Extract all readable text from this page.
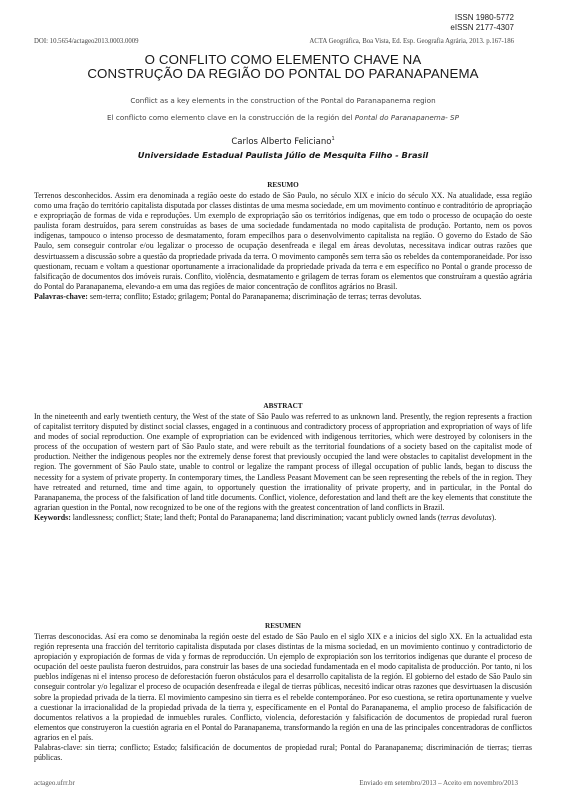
ISSN 1980-5772
eISSN 2177-4307
DOI: 10.5654/actageo2013.0003.0009	ACTA Geográfica, Boa Vista, Ed. Esp. Geografia Agrária, 2013. p.167-186
O CONFLITO COMO ELEMENTO CHAVE NA
CONSTRUÇÃO DA REGIÃO DO PONTAL DO PARANAPANEMA
Conflict as a key elements in the construction of the Pontal do Paranapanema region
El conflicto como elemento clave en la construcción de la región del Pontal do Paranapanema- SP
Carlos Alberto Feliciano$^1$
Universidade Estadual Paulista Júlio de Mesquita Filho - Brasil
RESUMO

Terrenos desconhecidos. Assim era denominada a região oeste do estado de São Paulo, no século XIX e início do século XX. Na atualidade, essa região como uma fração do território capitalista disputada por classes distintas de uma mesma sociedade, em um movimento contínuo e contraditório de apropriação e expropriação de formas de vida e reproduções. Um exemplo de expropriação são os territórios indígenas, que em todo o processo de ocupação do oeste paulista foram destruídos, para serem construídas as bases de uma sociedade fundamentada no modo capitalista de produção. Portanto, nem os povos indígenas, tampouco o intenso processo de desmatamento, foram empecilhos para o desenvolvimento capitalista na região. O governo do Estado de São Paulo, sem conseguir controlar e/ou legalizar o processo de ocupação desenfreada e ilegal em áreas devolutas, necessitava indicar outras razões que desvirtuassem a discussão sobre a questão da propriedade privada da terra. O movimento camponês sem terra são os rebeldes da contemporaneidade. Por isso questionam, recuam e voltam a questionar oportunamente a irracionalidade da propriedade privada da terra e em específico no Pontal o grande processo de falsificação de documentos dos imóveis rurais. Conflito, violência, desmatamento e grilagem de terras foram os elementos que construíram a questão agrária do Pontal do Paranapanema, elevando-a em uma das regiões de maior concentração de conflitos agrários no Brasil.

Palavras-chave: sem-terra; conflito; Estado; grilagem; Pontal do Paranapanema; discriminação de terras; terras devolutas.

ABSTRACT

In the nineteenth and early twentieth century, the West of the state of São Paulo was referred to as unknown land. Presently, the region represents a fraction of capitalist territory disputed by distinct social classes, engaged in a continuous and contradictory process of appropriation and expropriation of ways of life and modes of social reproduction. One example of expropriation can be evidenced with indigenous territories, which were destroyed by colonisers in the process of the occupation of western part of São Paulo state, and were rebuilt as the territorial foundations of a society based on the capitalist mode of production. Neither the indigenous peoples nor the extremely dense forest that previously occupied the land were obstacles to capitalist development in the region. The government of São Paulo state, unable to control or legalize the rampant process of illegal occupation of public lands, began to discuss the necessity for a system of private property. In contemporary times, the Landless Peasant Movement can be seen representing the rebels of the in region. They have retreated and returned, time and time again, to opportunely question the irrationality of private property, and in particular, in the Pontal do Paranapanema, the process of the falsification of land title documents. Conflict, violence, deforestation and land theft are the key elements that constitute the agrarian question in the Pontal, now recognized to be one of the regions with the greatest concentration of land conflicts in Brazil.

Keywords: landlessness; conflict; State; land theft; Pontal do Paranapanema; land discrimination; vacant publicly owned lands (terras devolutas).

RESUMEN

Tierras desconocidas. Así era como se denominaba la región oeste del estado de São Paulo en el siglo XIX e a inicios del siglo XX. En la actualidad esta región representa una fracción del territorio capitalista disputada por clases distintas de la misma sociedad, en un movimiento continuo y contradictorio de apropiación y expropiación de formas de vida y formas de reproducción. Un ejemplo de expropiación son los territorios indígenas que durante el proceso de ocupación del oeste paulista fueron destruidos, para construir las bases de una sociedad fundamentada en el modo capitalista de producción. Por tanto, ni los pueblos indígenas ni el intenso proceso de deforestación fueron obstáculos para el desarrollo capitalista de la región. El gobierno del estado de São Paulo sin conseguir controlar y/o legalizar el proceso de ocupación desenfreada e ilegal de tierras públicas, necesitó indicar otras razones que desvirtuasen la discusión sobre la propiedad privada de la tierra. El movimiento campesino sin tierra es el rebelde contemporáneo. Por eso cuestiona, se retira oportunamente y vuelve a cuestionar la irracionalidad de la propiedad privada de la tierra y, específicamente en el Pontal do Paranapanema, el amplio proceso de falsificación de documentos relativos a la propiedad de inmuebles rurales. Conflicto, violencia, deforestación y falsificación de documentos de propiedad rural fueron elementos que construyeron la cuestión agraria en el Pontal do Paranapanema, transformando la región en una de las principales concentradoras de conflictos agrarios en el país.

Palabras-clave: sin tierra; conflicto; Estado; falsificación de documentos de propiedad rural; Pontal do Paranapanema; discriminación de tierras; tierras públicas.

actageo.ufrr.br	Enviado em setembro/2013 – Aceito em novembro/2013
